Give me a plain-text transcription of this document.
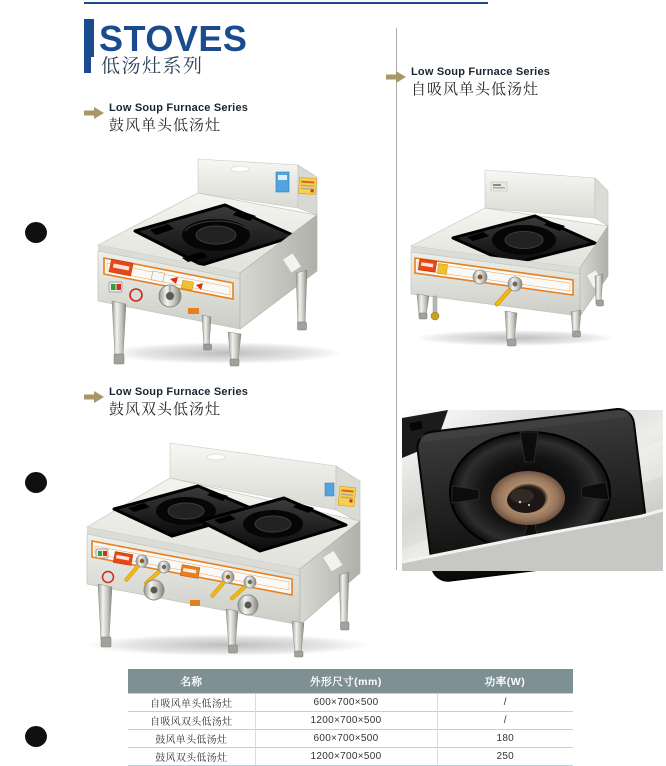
STOVES
低汤灶系列
Low Soup Furnace Series
鼓风单头低汤灶
Low Soup Furnace Series
自吸风单头低汤灶
Low Soup Furnace Series
鼓风双头低汤灶
名称	外形尺寸(mm)	功率(W)
自吸风单头低汤灶	600×700×500	/
自吸风双头低汤灶	1200×700×500	/
鼓风单头低汤灶	600×700×500	180
鼓风双头低汤灶	1200×700×500	250
